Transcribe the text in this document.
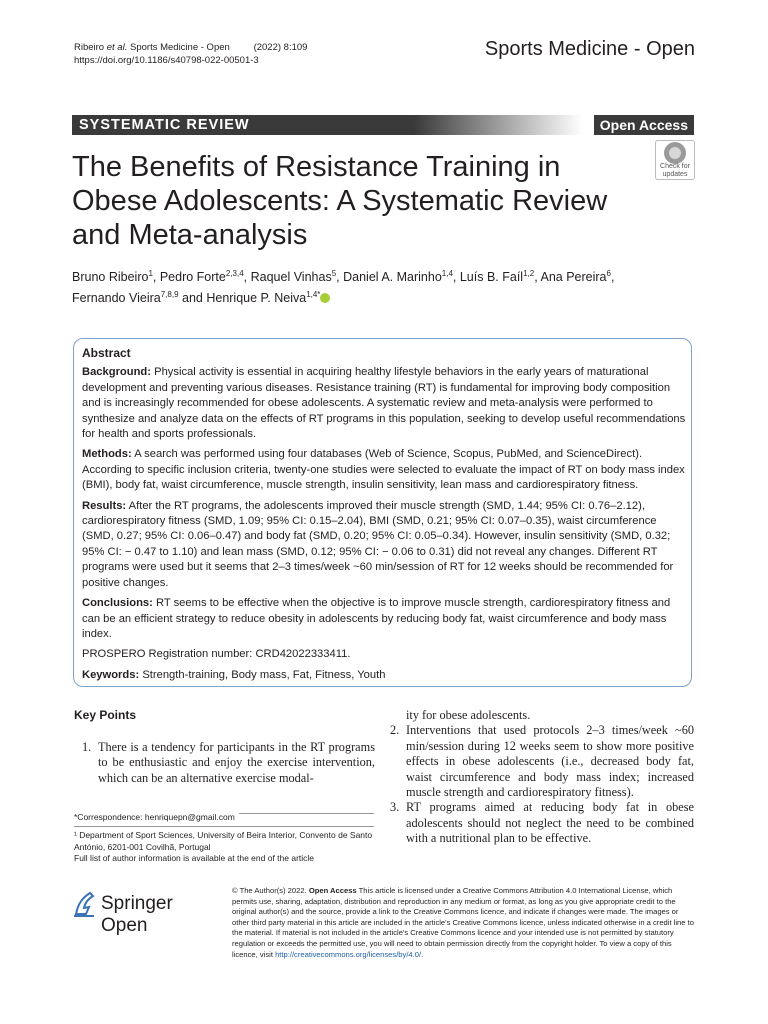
Ribeiro et al. Sports Medicine - Open	(2022) 8:109
https://doi.org/10.1186/s40798-022-00501-3
Sports Medicine - Open
SYSTEMATIC REVIEW	Open Access
The Benefits of Resistance Training in Obese Adolescents: A Systematic Review and Meta-analysis
Check for
updates
Bruno Ribeiro$^1$, Pedro Forte$^{2,3,4}$, Raquel Vinhas$^5$, Daniel A. Marinho$^{1,4}$, Luís B. Faíl$^{1,2}$, Ana Pereira$^6$,
Fernando Vieira$^{7,8,9}$ and Henrique P. Neiva$^{1,4*}$
Abstract

Background: Physical activity is essential in acquiring healthy lifestyle behaviors in the early years of maturational development and preventing various diseases. Resistance training (RT) is fundamental for improving body composition and is increasingly recommended for obese adolescents. A systematic review and meta-analysis were performed to synthesize and analyze data on the effects of RT programs in this population, seeking to develop useful recommendations for health and sports professionals.

Methods: A search was performed using four databases (Web of Science, Scopus, PubMed, and ScienceDirect). According to specific inclusion criteria, twenty-one studies were selected to evaluate the impact of RT on body mass index (BMI), body fat, waist circumference, muscle strength, insulin sensitivity, lean mass and cardiorespiratory fitness.

Results: After the RT programs, the adolescents improved their muscle strength (SMD, 1.44; 95% CI: 0.76–2.12), cardiorespiratory fitness (SMD, 1.09; 95% CI: 0.15–2.04), BMI (SMD, 0.21; 95% CI: 0.07–0.35), waist circumference (SMD, 0.27; 95% CI: 0.06–0.47) and body fat (SMD, 0.20; 95% CI: 0.05–0.34). However, insulin sensitivity (SMD, 0.32; 95% CI: − 0.47 to 1.10) and lean mass (SMD, 0.12; 95% CI: − 0.06 to 0.31) did not reveal any changes. Different RT programs were used but it seems that 2–3 times/week ~60 min/session of RT for 12 weeks should be recommended for positive changes.

Conclusions: RT seems to be effective when the objective is to improve muscle strength, cardiorespiratory fitness and can be an efficient strategy to reduce obesity in adolescents by reducing body fat, waist circumference and body mass index.

PROSPERO Registration number: CRD42022333411.

Keywords: Strength-training, Body mass, Fat, Fitness, Youth

Key Points
1. There is a tendency for participants in the RT programs to be enthusiastic and enjoy the exercise intervention, which can be an alternative exercise modal-
ity for obese adolescents.
2. Interventions that used protocols 2–3 times/week ~60 min/session during 12 weeks seem to show more positive effects in obese adolescents (i.e., decreased body fat, waist circumference and body mass index; increased muscle strength and cardiorespiratory fitness).
3. RT programs aimed at reducing body fat in obese adolescents should not neglect the need to be combined with a nutritional plan to be effective.
*Correspondence: henriquepn@gmail.com
¹ Department of Sport Sciences, University of Beira Interior, Convento de Santo António, 6201-001 Covilhã, Portugal
Full list of author information is available at the end of the article
Springer Open
© The Author(s) 2022. Open Access This article is licensed under a Creative Commons Attribution 4.0 International License, which permits use, sharing, adaptation, distribution and reproduction in any medium or format, as long as you give appropriate credit to the original author(s) and the source, provide a link to the Creative Commons licence, and indicate if changes were made. The images or other third party material in this article are included in the article's Creative Commons licence, unless indicated otherwise in a credit line to the material. If material is not included in the article's Creative Commons licence and your intended use is not permitted by statutory regulation or exceeds the permitted use, you will need to obtain permission directly from the copyright holder. To view a copy of this licence, visit http://creativecommons.org/licenses/by/4.0/.
